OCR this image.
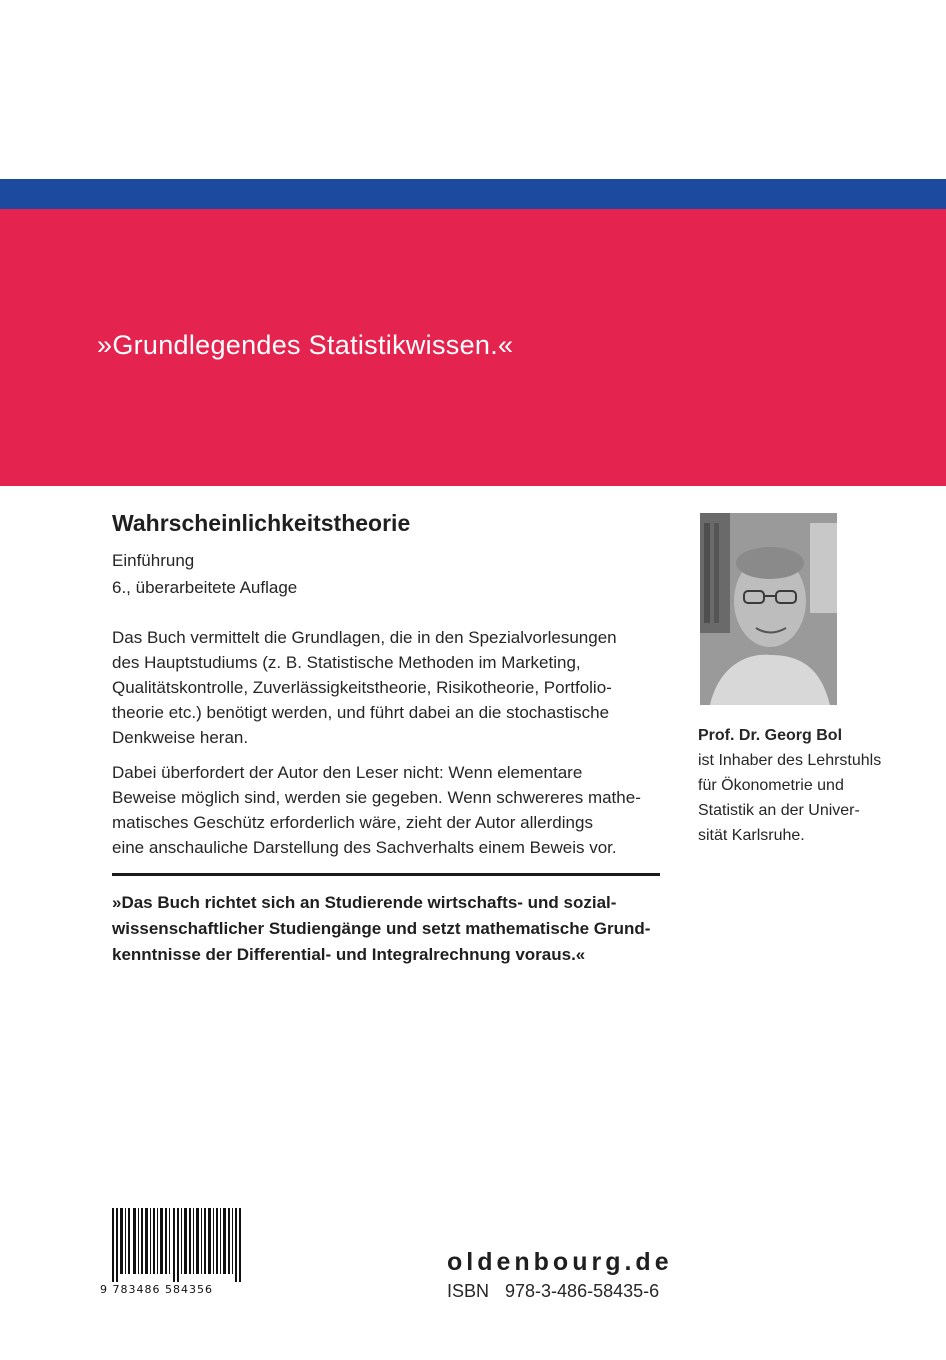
»Grundlegendes Statistikwissen.«
Wahrscheinlichkeitstheorie
Einführung
6., überarbeitete Auflage
Das Buch vermittelt die Grundlagen, die in den Spezialvorlesungen
des Hauptstudiums (z. B. Statistische Methoden im Marketing,
Qualitätskontrolle, Zuverlässigkeitstheorie, Risikotheorie, Portfolio-
theorie etc.) benötigt werden, und führt dabei an die stochastische
Denkweise heran.
Dabei überfordert der Autor den Leser nicht: Wenn elementare
Beweise möglich sind, werden sie gegeben. Wenn schwereres mathe-
matisches Geschütz erforderlich wäre, zieht der Autor allerdings
eine anschauliche Darstellung des Sachverhalts einem Beweis vor.
»Das Buch richtet sich an Studierende wirtschafts- und sozial-
wissenschaftlicher Studiengänge und setzt mathematische Grund-
kenntnisse der Differential- und Integralrechnung voraus.«
Prof. Dr. Georg Bol
ist Inhaber des Lehrstuhls
für Ökonometrie und
Statistik an der Univer-
sität Karlsruhe.
9 783486 584356
oldenbourg.de
ISBN 978-3-486-58435-6
